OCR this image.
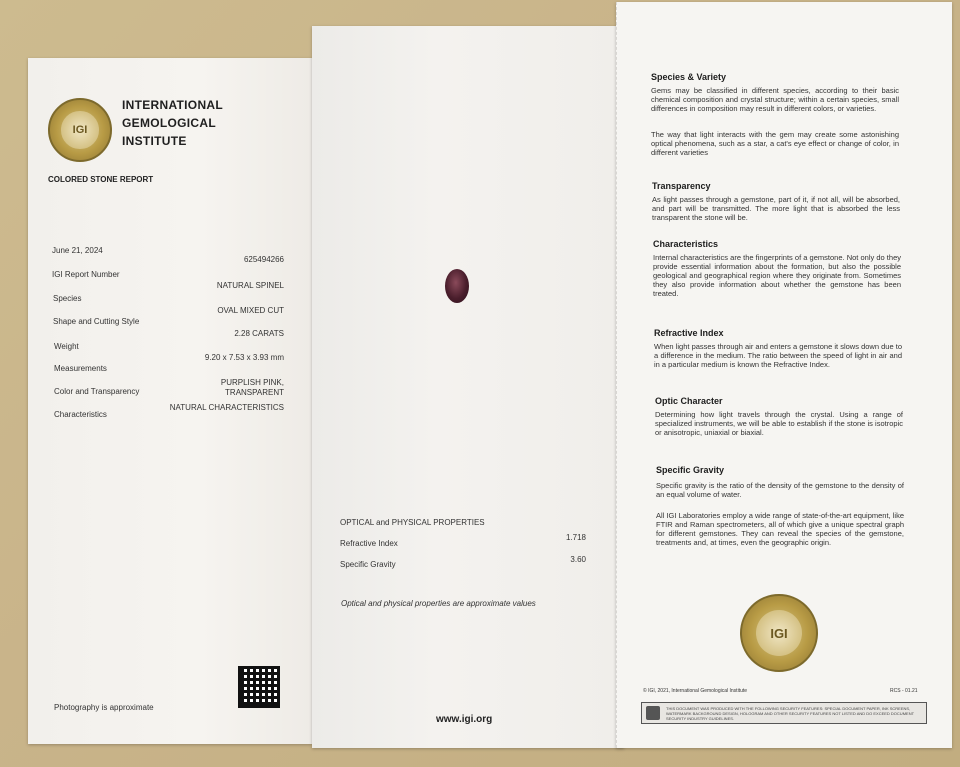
IGI
INTERNATIONAL
GEMOLOGICAL
INSTITUTE
COLORED STONE REPORT
June 21, 2024
IGI Report Number
625494266
Species
NATURAL SPINEL
Shape and Cutting Style
OVAL MIXED CUT
Weight
2.28 CARATS
Measurements
9.20 x 7.53 x 3.93 mm
Color and Transparency
PURPLISH PINK,
TRANSPARENT
Characteristics
NATURAL CHARACTERISTICS
Photography is approximate
OPTICAL and PHYSICAL PROPERTIES
Refractive Index
1.718
Specific Gravity
3.60
Optical and physical properties are approximate values
www.igi.org
Species & Variety
Gems may be classified in different species, according to their basic chemical composition and crystal structure; within a certain species, small differences in composition may result in different colors, or varieties.
The way that light interacts with the gem may create some astonishing optical phenomena, such as a star, a cat's eye effect or change of color, in different varieties
Transparency
As light passes through a gemstone, part of it, if not all, will be absorbed, and part will be transmitted. The more light that is absorbed the less transparent the stone will be.
Characteristics
Internal characteristics are the fingerprints of a gemstone. Not only do they provide essential information about the formation, but also the possible geological and geographical region where they originate from. Sometimes they also provide information about whether the gemstone has been treated.
Refractive Index
When light passes through air and enters a gemstone it slows down due to a difference in the medium. The ratio between the speed of light in air and in a particular medium is known the Refractive Index.
Optic Character
Determining how light travels through the crystal. Using a range of specialized instruments, we will be able to establish if the stone is isotropic or anisotropic, uniaxial or biaxial.
Specific Gravity
Specific gravity is the ratio of the density of the gemstone to the density of an equal volume of water.
All IGI Laboratories employ a wide range of state-of-the-art equipment, like FTIR and Raman spectrometers, all of which give a unique spectral graph for different gemstones. They can reveal the species of the gemstone, treatments and, at times, even the geographic origin.
IGI
© IGI, 2021, International Gemological Institute	RCS - 01.21
THIS DOCUMENT WAS PRODUCED WITH THE FOLLOWING SECURITY FEATURES: SPECIAL DOCUMENT PAPER, INK SCREENS, WATERMARK BACKGROUND DESIGN, HOLOGRAM AND OTHER SECURITY FEATURES NOT LISTED AND DO EXCEED DOCUMENT SECURITY INDUSTRY GUIDELINES.
